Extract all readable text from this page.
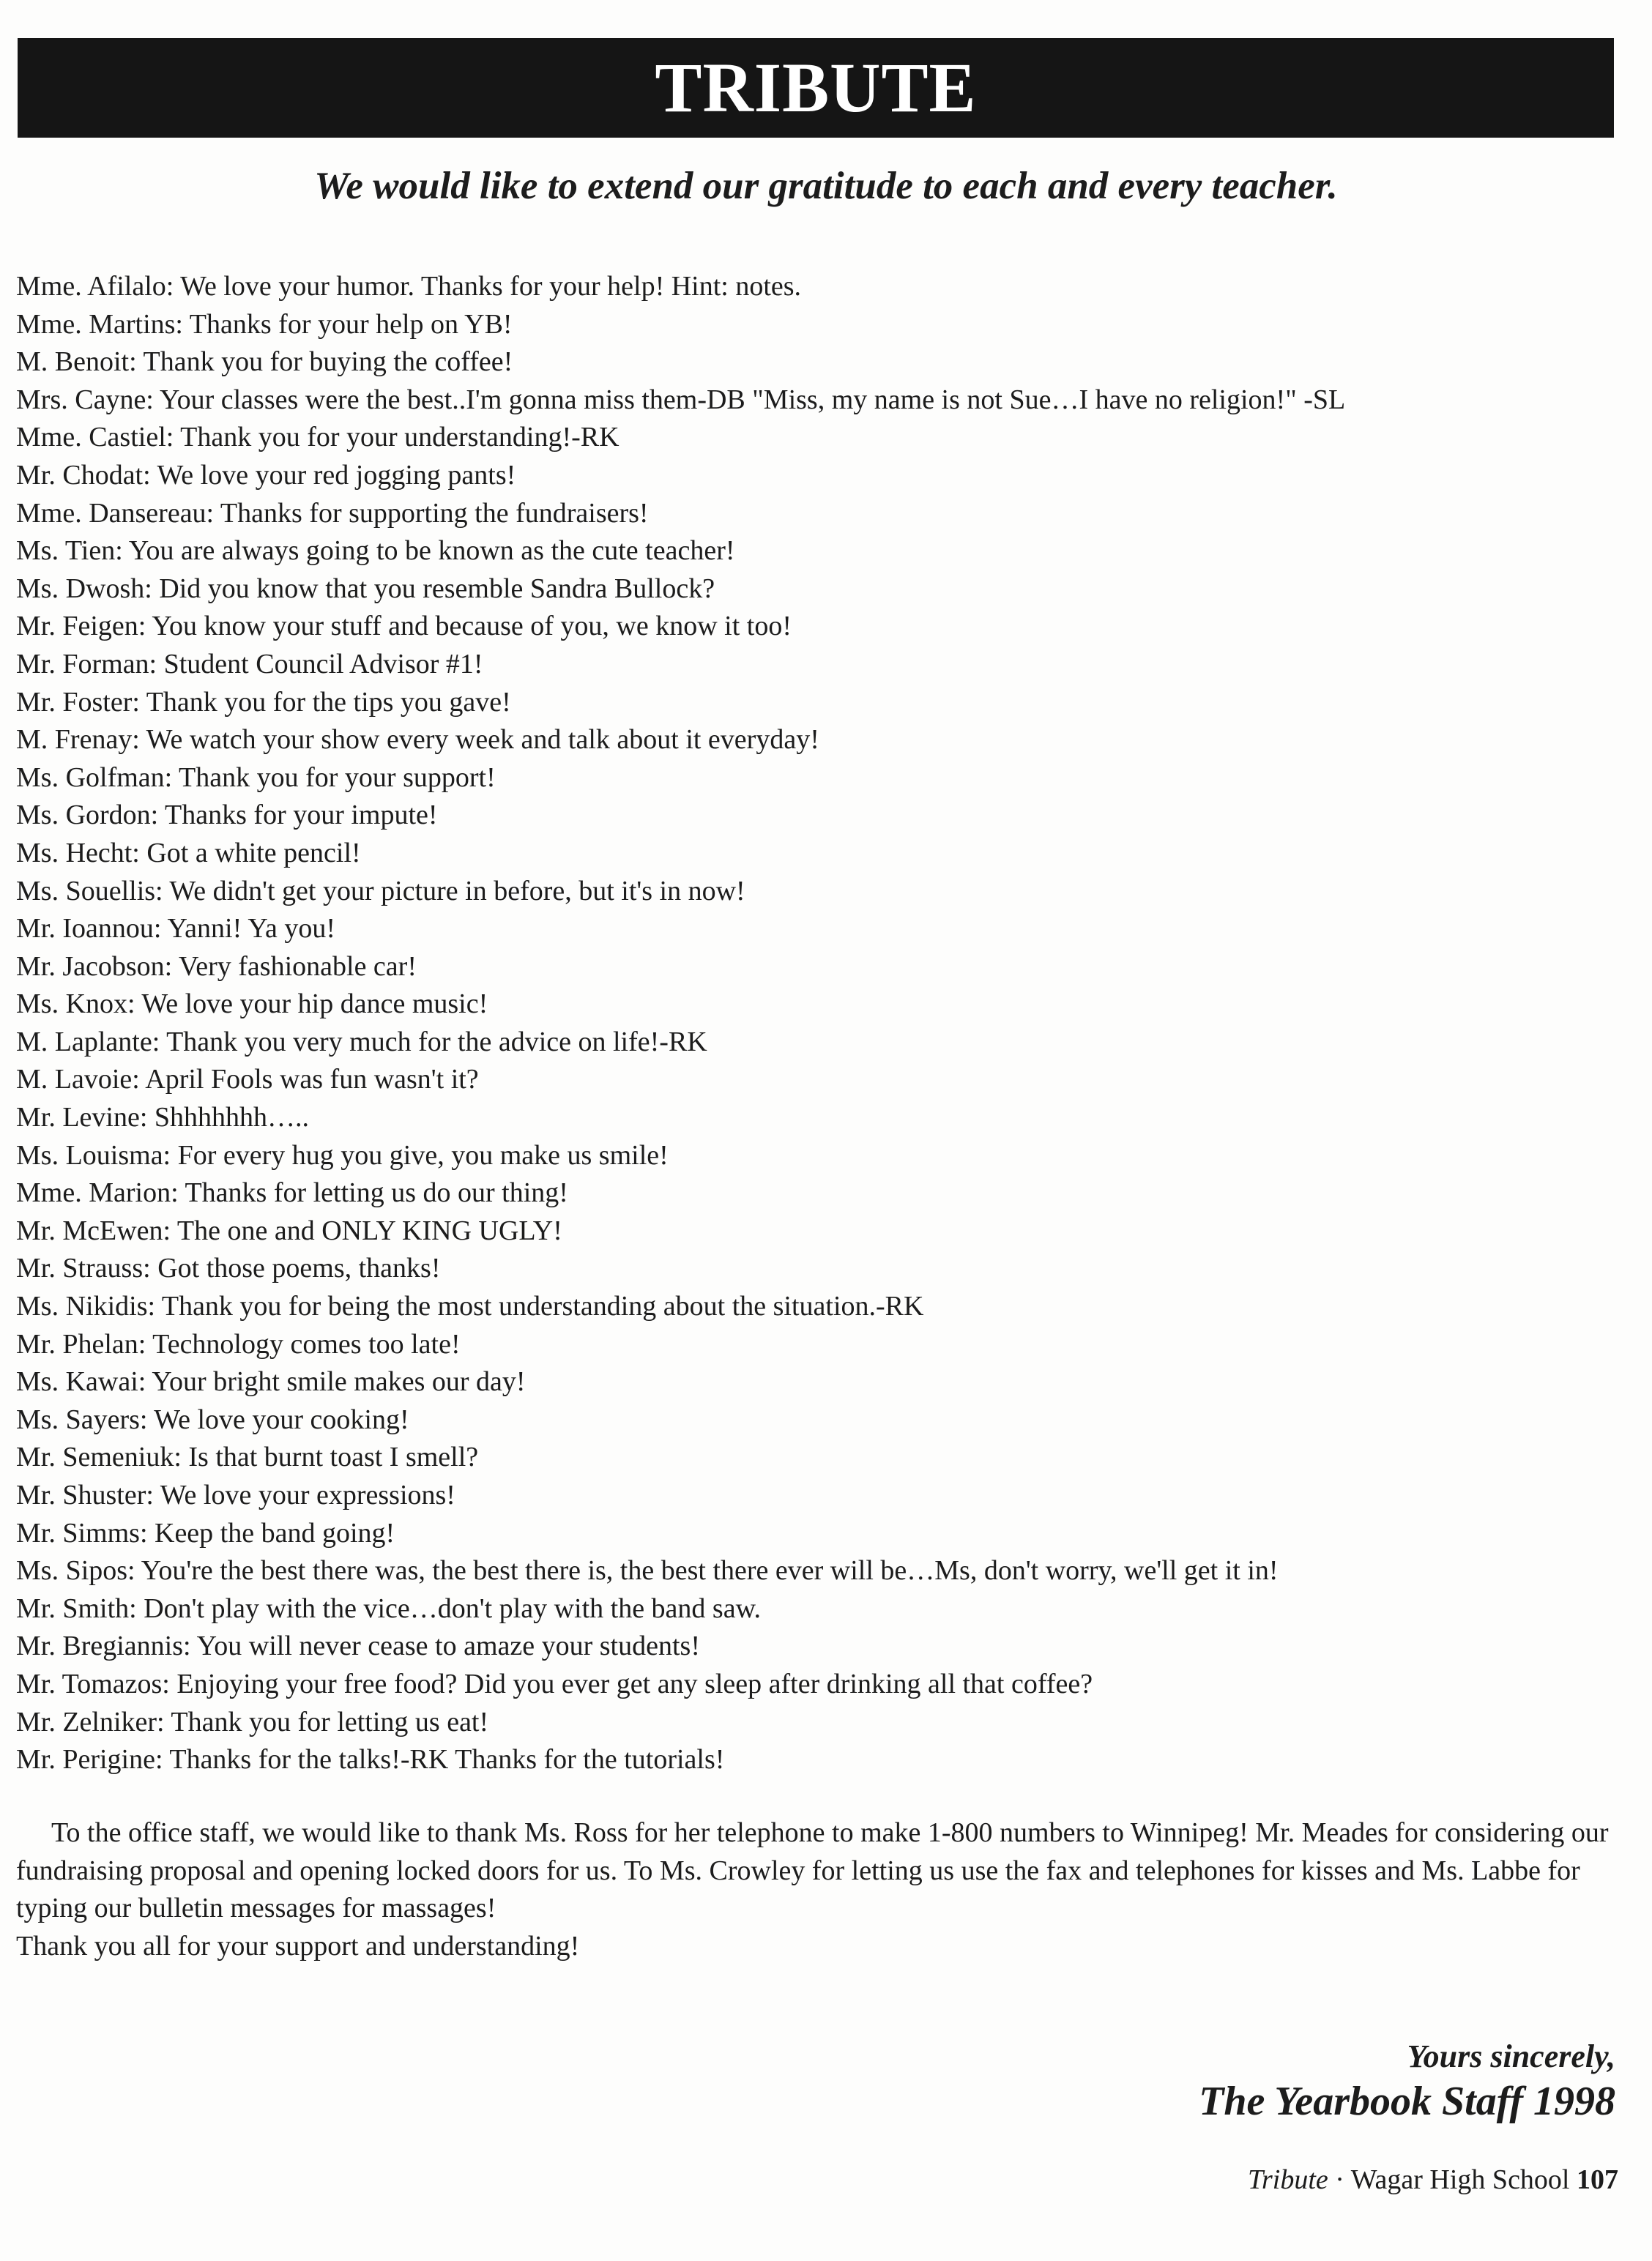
TRIBUTE
We would like to extend our gratitude to each and every teacher.
Mme. Afilalo: We love your humor. Thanks for your help! Hint: notes.
Mme. Martins: Thanks for your help on YB!
M. Benoit: Thank you for buying the coffee!
Mrs. Cayne: Your classes were the best..I'm gonna miss them-DB "Miss, my name is not Sue…I have no religion!" -SL
Mme. Castiel: Thank you for your understanding!-RK
Mr. Chodat: We love your red jogging pants!
Mme. Dansereau: Thanks for supporting the fundraisers!
Ms. Tien: You are always going to be known as the cute teacher!
Ms. Dwosh: Did you know that you resemble Sandra Bullock?
Mr. Feigen: You know your stuff and because of you, we know it too!
Mr. Forman: Student Council Advisor #1!
Mr. Foster: Thank you for the tips you gave!
M. Frenay: We watch your show every week and talk about it everyday!
Ms. Golfman: Thank you for your support!
Ms. Gordon: Thanks for your impute!
Ms. Hecht: Got a white pencil!
Ms. Souellis: We didn't get your picture in before, but it's in now!
Mr. Ioannou: Yanni! Ya you!
Mr. Jacobson: Very fashionable car!
Ms. Knox: We love your hip dance music!
M. Laplante: Thank you very much for the advice on life!-RK
M. Lavoie: April Fools was fun wasn't it?
Mr. Levine: Shhhhhhh…..
Ms. Louisma: For every hug you give, you make us smile!
Mme. Marion: Thanks for letting us do our thing!
Mr. McEwen: The one and ONLY KING UGLY!
Mr. Strauss: Got those poems, thanks!
Ms. Nikidis: Thank you for being the most understanding about the situation.-RK
Mr. Phelan: Technology comes too late!
Ms. Kawai: Your bright smile makes our day!
Ms. Sayers: We love your cooking!
Mr. Semeniuk: Is that burnt toast I smell?
Mr. Shuster: We love your expressions!
Mr. Simms: Keep the band going!
Ms. Sipos: You're the best there was, the best there is, the best there ever will be…Ms, don't worry, we'll get it in!
Mr. Smith: Don't play with the vice…don't play with the band saw.
Mr. Bregiannis: You will never cease to amaze your students!
Mr. Tomazos: Enjoying your free food? Did you ever get any sleep after drinking all that coffee?
Mr. Zelniker: Thank you for letting us eat!
Mr. Perigine: Thanks for the talks!-RK Thanks for the tutorials!

To the office staff, we would like to thank Ms. Ross for her telephone to make 1-800 numbers to Winnipeg! Mr. Meades for considering our fundraising proposal and opening locked doors for us. To Ms. Crowley for letting us use the fax and telephones for kisses and Ms. Labbe for typing our bulletin messages for massages!

Thank you all for your support and understanding!

Yours sincerely,
The Yearbook Staff 1998
Tribute · Wagar High School 107
